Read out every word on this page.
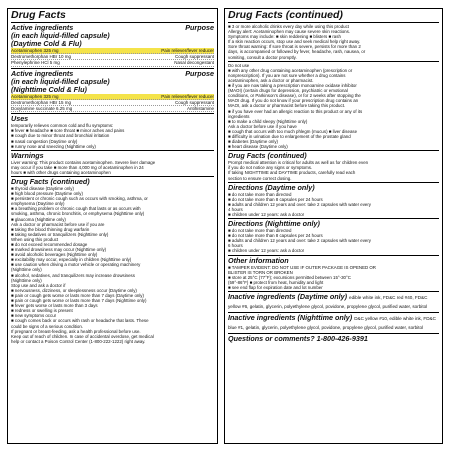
Drug Facts
Purpose
Active ingredients
(in each liquid-filled capsule)
(Daytime Cold & Flu)
Acetaminophen 325 mg	Pain reliever/fever reducer
Dextromethorphan HBr 10 mg	Cough suppressant
Phenylephrine HCl 5 mg	Nasal decongestant
Purpose
Active ingredients
(in each liquid-filled capsule)
(Nighttime Cold & Flu)
Acetaminophen 325 mg	Pain reliever/fever reducer
Dextromethorphan HBr 15 mg	Cough suppressant
Doxylamine succinate 6.25 mg	Antihistamine
Uses

temporarily relieves common cold and flu symptoms:

■ fever ■ headache ■ sore throat ■ minor aches and pains

■ cough due to minor throat and bronchial irritation

■ nasal congestion (Daytime only)

■ runny nose and sneezing (Nighttime only)

Warnings

Liver warning: This product contains acetaminophen. Severe liver damage

may occur if you take ■ more than 4,000 mg of acetaminophen in 24

hours ■ with other drugs containing acetaminophen

Drug Facts (continued)

■ thyroid disease (Daytime only)

■ high blood pressure (Daytime only)

■ persistent or chronic cough such as occurs with smoking, asthma, or

emphysema (Daytime only)

■ a breathing problem or chronic cough that lasts or as occurs with

smoking, asthma, chronic bronchitis, or emphysema (Nighttime only)

■ glaucoma (Nighttime only)

Ask a doctor or pharmacist before use if you are

■ taking the blood thinning drug warfarin

■ taking sedatives or tranquilizers (Nighttime only)

When using this product

■ do not exceed recommended dosage

■ marked drowsiness may occur (Nighttime only)

■ avoid alcoholic beverages (Nighttime only)

■ excitability may occur, especially in children (Nighttime only)

■ use caution when driving a motor vehicle or operating machinery

(Nighttime only)

■ alcohol, sedatives, and tranquilizers may increase drowsiness

(Nighttime only)

Stop use and ask a doctor if

■ nervousness, dizziness, or sleeplessness occur (Daytime only)

■ pain or cough gets worse or lasts more than 7 days (Daytime only)

■ pain or cough gets worse or lasts more than 7 days (Nighttime only)

■ fever gets worse or lasts more than 3 days

■ redness or swelling is present

■ new symptoms occur

■ cough comes back or occurs with rash or headache that lasts. These

could be signs of a serious condition.

If pregnant or breast-feeding, ask a health professional before use.

Keep out of reach of children. In case of accidental overdose, get medical

help or contact a Poison Control Center (1-800-222-1222) right away.

Drug Facts (continued)

■ 3 or more alcoholic drinks every day while using this product

Allergy alert: Acetaminophen may cause severe skin reactions.

Symptoms may include: ■ skin reddening ■ blisters ■ rash

If a skin reaction occurs, stop use and seek medical help right away.

Sore throat warning: If sore throat is severe, persists for more than 2

days, is accompanied or followed by fever, headache, rash, nausea, or

vomiting, consult a doctor promptly.

Do not use

■ with any other drug containing acetaminophen (prescription or

nonprescription). If you are not sure whether a drug contains

acetaminophen, ask a doctor or pharmacist.

■ if you are now taking a prescription monoamine oxidase inhibitor

(MAOI) (certain drugs for depression, psychiatric or emotional

conditions, or Parkinson's disease), or for 2 weeks after stopping the

MAOI drug. If you do not know if your prescription drug contains an

MAOI, ask a doctor or pharmacist before taking this product.

■ if you have ever had an allergic reaction to this product or any of its

ingredients

■ to make a child sleepy (Nighttime only)

Ask a doctor before use if you have

■ cough that occurs with too much phlegm (mucus) ■ liver disease

■ difficulty in urination due to enlargement of the prostate gland

■ diabetes (Daytime only)

■ heart disease (Daytime only)

Drug Facts (continued)

Prompt medical attention is critical for adults as well as for children even

if you do not notice any signs or symptoms.

If taking NIGHTTIME and DAYTIME products, carefully read each

section to ensure correct dosing.

Directions (Daytime only)

■ do not take more than directed

■ do not take more than 8 capsules per 24 hours

■ adults and children 12 years and over: take 2 capsules with water every

4 hours

■ children under 12 years: ask a doctor

Directions (Nighttime only)

■ do not take more than directed

■ do not take more than 8 capsules per 24 hours

■ adults and children 12 years and over: take 2 capsules with water every

6 hours

■ children under 12 years: ask a doctor

Other information

■ TAMPER EVIDENT: DO NOT USE IF OUTER PACKAGE IS OPENED OR

BLISTER IS TORN OR BROKEN

■ store at 25°C (77°F); excursions permitted between 15°-30°C

(59°-86°F) ■ protect from heat, humidity and light

■ see end flap for expiration date and lot number

Inactive ingredients (Daytime only) edible white ink, FD&C red #40, FD&C yellow #6, gelatin, glycerin, polyethylene glycol, povidone, propylene glycol, purified water, sorbitol
Inactive ingredients (Nighttime only) D&C yellow #10, edible white ink, FD&C blue #1, gelatin, glycerin, polyethylene glycol, povidone, propylene glycol, purified water, sorbitol
Questions or comments? 1-800-426-9391
